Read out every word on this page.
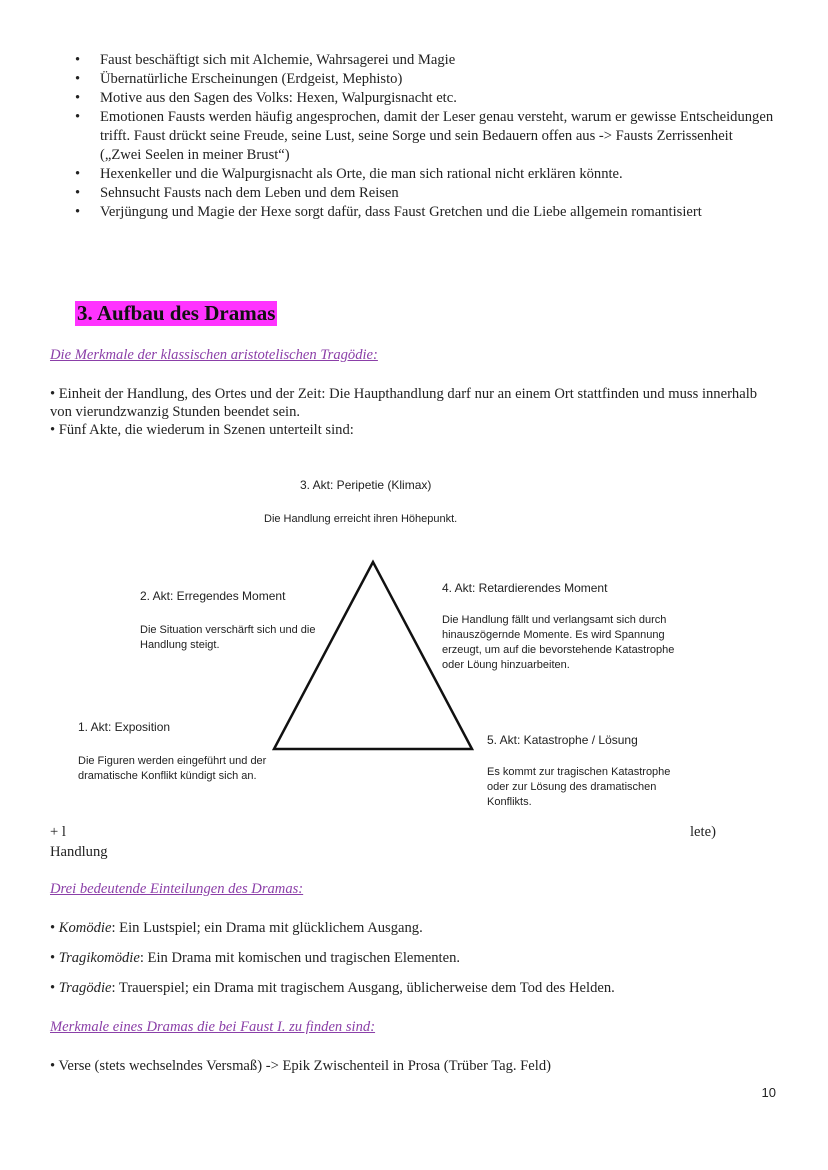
• Faust beschäftigt sich mit Alchemie, Wahrsagerei und Magie
• Übernatürliche Erscheinungen (Erdgeist, Mephisto)
• Motive aus den Sagen des Volks: Hexen, Walpurgisnacht etc.
• Emotionen Fausts werden häufig angesprochen, damit der Leser genau versteht, warum er gewisse Entscheidungen trifft. Faust drückt seine Freude, seine Lust, seine Sorge und sein Bedauern offen aus -> Fausts Zerrissenheit („Zwei Seelen in meiner Brust“)
• Hexenkeller und die Walpurgisnacht als Orte, die man sich rational nicht erklären könnte.
• Sehnsucht Fausts nach dem Leben und dem Reisen
• Verjüngung und Magie der Hexe sorgt dafür, dass Faust Gretchen und die Liebe allgemein romantisiert
3. Aufbau des Dramas

Die Merkmale der klassischen aristotelischen Tragödie:

• Einheit der Handlung, des Ortes und der Zeit: Die Haupthandlung darf nur an einem Ort stattfinden und muss innerhalb von vierundzwanzig Stunden beendet sein.

• Fünf Akte, die wiederum in Szenen unterteilt sind:

3. Akt: Peripetie (Klimax)

Die Handlung erreicht ihren Höhepunkt.

2. Akt: Erregendes Moment

Die Situation verschärft sich und die Handlung steigt.

4. Akt: Retardierendes Moment

Die Handlung fällt und verlangsamt sich durch hinauszögernde Momente. Es wird Spannung erzeugt, um auf die bevorstehende Katastrophe oder Löung hinzuarbeiten.

1. Akt: Exposition

Die Figuren werden eingeführt und der dramatische Konflikt kündigt sich an.

5. Akt: Katastrophe / Lösung

Es kommt zur tragischen Katastrophe oder zur Lösung des dramatischen Konflikts.

+ l	lete)

Handlung

Drei bedeutende Einteilungen des Dramas:

• Komödie: Ein Lustspiel; ein Drama mit glücklichem Ausgang.

• Tragikomödie: Ein Drama mit komischen und tragischen Elementen.

• Tragödie: Trauerspiel; ein Drama mit tragischem Ausgang, üblicherweise dem Tod des Helden.

Merkmale eines Dramas die bei Faust I. zu finden sind:

• Verse (stets wechselndes Versmaß) -> Epik Zwischenteil in Prosa (Trüber Tag. Feld)

10
